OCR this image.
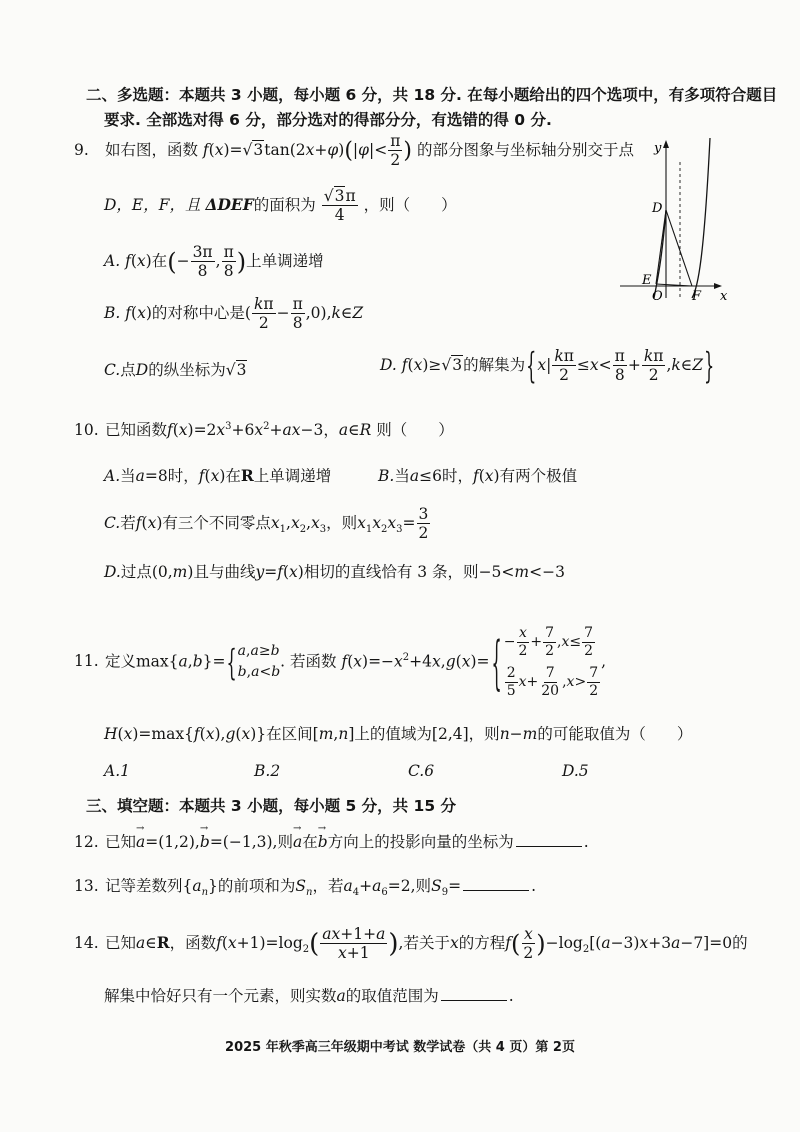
二、多选题：本题共 3 小题，每小题 6 分，共 18 分. 在每小题给出的四个选项中，有多项符合题目
要求. 全部选对得 6 分，部分选对的得部分分，有选错的得 0 分.
9. 如右图，函数 $f(x)=√3\tan(2x+\varphi)(|\varphi|< \frac{\pi}{2}$ ) 的部分图象与坐标轴分别交于点
D，E，F，且 ΔDEF的面积为 $\frac{√3\pi}{4}$ ，则（　　）
A. f(x)在(− $\frac{3\pi}{8}$ , $\frac{\pi}{8}$ )上单调递增
B. f(x)的对称中心是( $\frac{k\pi}{2} - \frac{\pi}{8}$ ,0),k∈Z
C.点D的纵坐标为√3	D. f(x)≥√3的解集为{$x| \frac{k\pi}{2} \le x< \frac{\pi}{8} + \frac{k\pi}{2}$ ,k∈Z}
y
x
D
E
O F
10. 已知函数$f(x)=2x^3+6x^2+ax-3$，a∈R 则（　　）
A.当a=8时，f(x)在R上单调递增	B.当a≤6时，f(x)有两个极值
C.若f(x)有三个不同零点$x_1,x_2,x_3$，则$x_1x_2x_3= \frac{3}{2}$
D.过点(0,m)且与曲线y=f(x)相切的直线恰有 3 条，则−5<m<−3
11. 定义max{a,b}={ a,a≥b
b,a<b
. 若函数 $f(x)=-x^2+4x,g(x)=$ { − $\frac{x}{2} + \frac{7}{2} ,x\le \frac{7}{2}$
$\frac{2}{5} x+ \frac{7}{20} ,x> \frac{7}{2}$
,
H(x)=max{f(x),g(x)}在区间[m,n]上的值域为[2,4]，则n−m的可能取值为（　　）
A.1	B.2	C.6	D.5
三、填空题：本题共 3 小题，每小题 5 分，共 15 分
12. 已知→ a=(1,2),→ b=(−1,3),则→ a在→ b方向上的投影向量的坐标为	.
13. 记等差数列$\{a_n\}$的前项和为$S_n$，若$a_4+a_6=2$,则$S_9=$	.
14. 已知a∈R，函数$f(x+1)=\log_2( \frac{ax+1+a}{x+1}$ ),若关于x的方程$f( \frac{x}{2} )-\log_2[(a-3)x+3a-7]=0$的
解集中恰好只有一个元素，则实数a的取值范围为	.
2025 年秋季高三年级期中考试 数学试卷（共 4 页）第 2页
